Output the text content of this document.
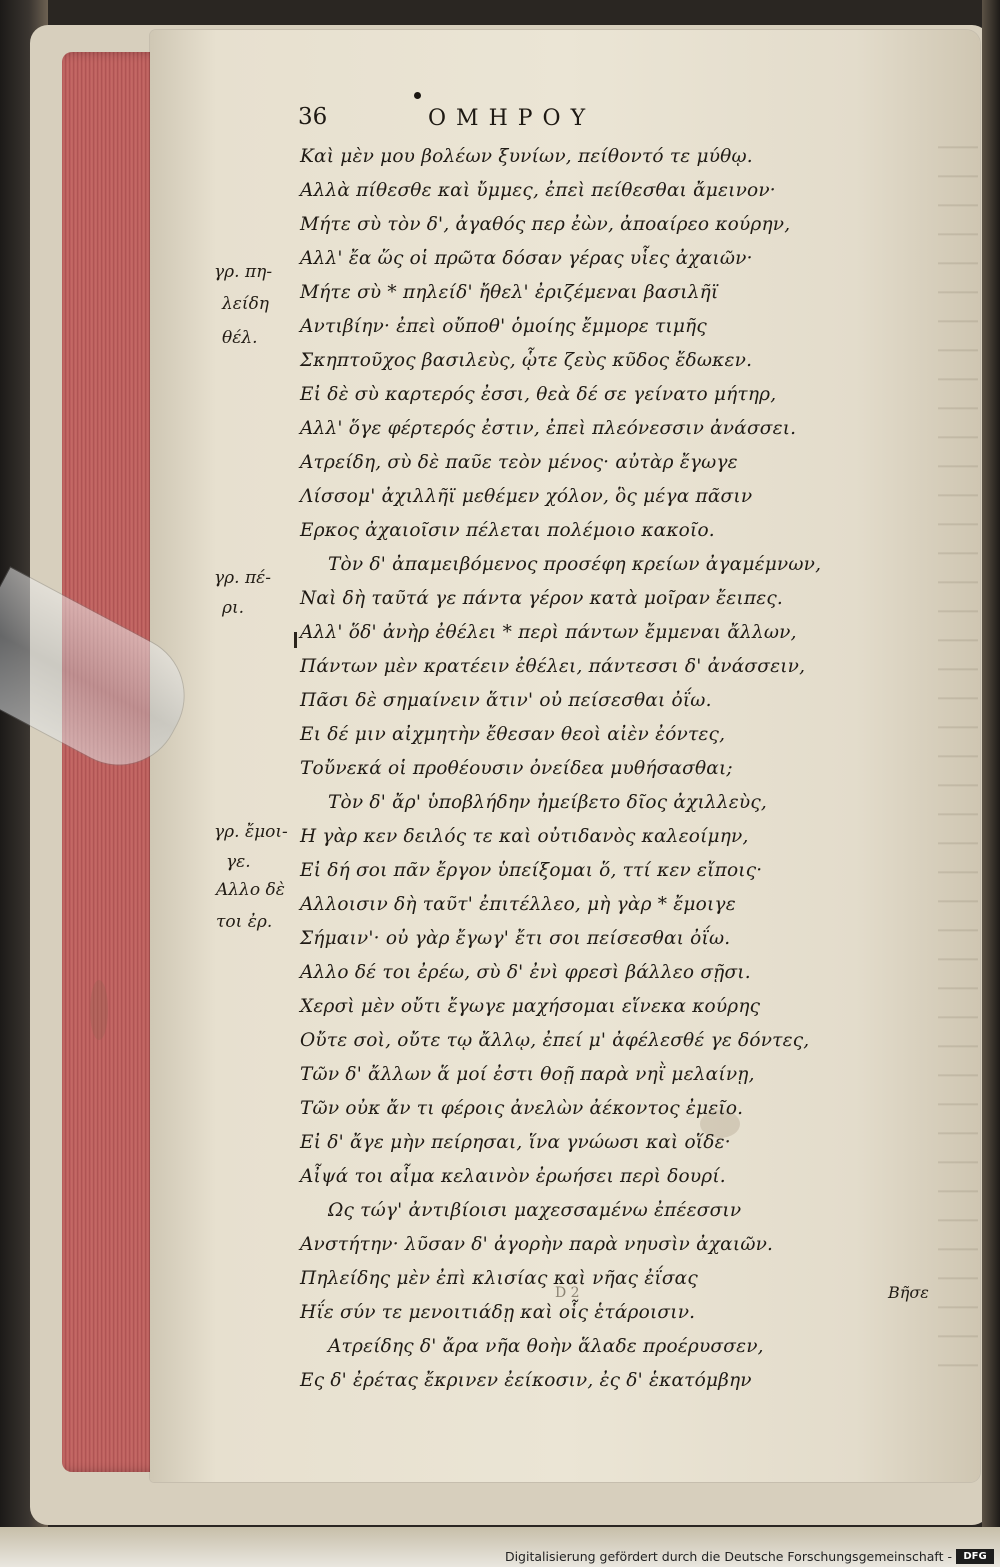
36	ΟΜΗΡΟΥ
Καὶ μὲν μου βολέων ξυνίων, πείθοντό τε μύθῳ.
Αλλὰ πίθεσθε καὶ ὔμμες, ἐπεὶ πείθεσθαι ἄμεινον·
Μήτε σὺ τὸν δ', ἀγαθός περ ἐὼν, ἀποαίρεο κούρην,
Αλλ' ἔα ὥς οἱ πρῶτα δόσαν γέρας υἷες ἀχαιῶν·
Μήτε σὺ * πηλείδ' ἤθελ' ἐριζέμεναι βασιλῆϊ
Αντιβίην· ἐπεὶ οὔποθ' ὁμοίης ἔμμορε τιμῆς
Σκηπτοῦχος βασιλεὺς, ᾧτε ζεὺς κῦδος ἔδωκεν.
Εἰ δὲ σὺ καρτερός ἐσσι, θεὰ δέ σε γείνατο μήτηρ,
Αλλ' ὅγε φέρτερός ἐστιν, ἐπεὶ πλεόνεσσιν ἀνάσσει.
Ατρείδη, σὺ δὲ παῦε τεὸν μένος· αὐτὰρ ἔγωγε
Λίσσομ' ἀχιλλῆϊ μεθέμεν χόλον, ὃς μέγα πᾶσιν
Ερκος ἀχαιοῖσιν πέλεται πολέμοιο κακοῖο.
Τὸν δ' ἀπαμειβόμενος προσέφη κρείων ἀγαμέμνων,
Ναὶ δὴ ταῦτά γε πάντα γέρον κατὰ μοῖραν ἔειπες.
Αλλ' ὅδ' ἀνὴρ ἐθέλει * περὶ πάντων ἔμμεναι ἄλλων,
Πάντων μὲν κρατέειν ἐθέλει, πάντεσσι δ' ἀνάσσειν,
Πᾶσι δὲ σημαίνειν ἅτιν' οὐ πείσεσθαι ὀΐω.
Ει δέ μιν αἰχμητὴν ἔθεσαν θεοὶ αἰὲν ἐόντες,
Τοὔνεκά οἱ προθέουσιν ὀνείδεα μυθήσασθαι;
Τὸν δ' ἄρ' ὑποβλήδην ἠμείβετο δῖος ἀχιλλεὺς,
Η γὰρ κεν δειλός τε καὶ οὐτιδανὸς καλεοίμην,
Εἰ δή σοι πᾶν ἔργον ὑπείξομαι ὅ, ττί κεν εἴποις·
Αλλοισιν δὴ ταῦτ' ἐπιτέλλεο, μὴ γὰρ * ἔμοιγε
Σήμαιν'· οὐ γὰρ ἔγωγ' ἔτι σοι πείσεσθαι ὀΐω.
Αλλο δέ τοι ἐρέω, σὺ δ' ἐνὶ φρεσὶ βάλλεο σῇσι.
Χερσὶ μὲν οὔτι ἔγωγε μαχήσομαι εἵνεκα κούρης
Οὔτε σοὶ, οὔτε τῳ ἄλλῳ, ἐπεί μ' ἀφέλεσθέ γε δόντες,
Τῶν δ' ἄλλων ἅ μοί ἐστι θοῇ παρὰ νηῒ μελαίνῃ,
Τῶν οὐκ ἄν τι φέροις ἀνελὼν ἀέκοντος ἐμεῖο.
Εἰ δ' ἄγε μὴν πείρησαι, ἵνα γνώωσι καὶ οἵδε·
Αἶψά τοι αἷμα κελαινὸν ἐρωήσει περὶ δουρί.
Ως τώγ' ἀντιβίοισι μαχεσσαμένω ἐπέεσσιν
Ανστήτην· λῦσαν δ' ἀγορὴν παρὰ νηυσὶν ἀχαιῶν.
Πηλείδης μὲν ἐπὶ κλισίας καὶ νῆας ἐΐσας
Ηΐε σύν τε μενοιτιάδῃ καὶ οἷς ἑτάροισιν.
Ατρείδης δ' ἄρα νῆα θοὴν ἅλαδε προέρυσσεν,
Ες δ' ἐρέτας ἔκρινεν ἐείκοσιν, ἐς δ' ἑκατόμβην
γρ. πη-
λείδη
θέλ.
γρ. πέ-
ρι.
γρ. ἔμοι-
γε.
Αλλο δὲ
τοι ἐρ.
D 2	Βῆσε
Digitalisierung gefördert durch die Deutsche Forschungsgemeinschaft -	DFG
